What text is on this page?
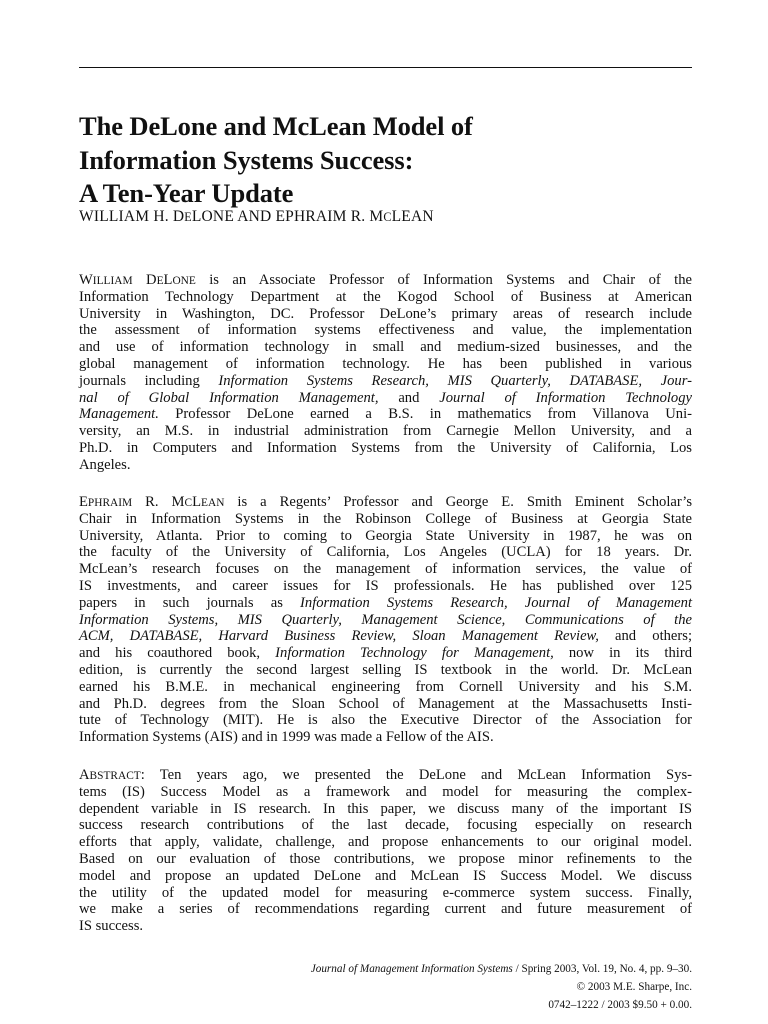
The DeLone and McLean Model of
Information Systems Success:
A Ten-Year Update

WILLIAM H. DELONE AND EPHRAIM R. MCLEAN

WILLIAM DELONE is an Associate Professor of Information Systems and Chair of the
Information Technology Department at the Kogod School of Business at American
University in Washington, DC. Professor DeLone’s primary areas of research include
the assessment of information systems effectiveness and value, the implementation
and use of information technology in small and medium-sized businesses, and the
global management of information technology. He has been published in various
journals including Information Systems Research, MIS Quarterly, DATABASE, Jour-
nal of Global Information Management, and Journal of Information Technology
Management. Professor DeLone earned a B.S. in mathematics from Villanova Uni-
versity, an M.S. in industrial administration from Carnegie Mellon University, and a
Ph.D. in Computers and Information Systems from the University of California, Los
Angeles.
EPHRAIM R. MCLEAN is a Regents’ Professor and George E. Smith Eminent Scholar’s
Chair in Information Systems in the Robinson College of Business at Georgia State
University, Atlanta. Prior to coming to Georgia State University in 1987, he was on
the faculty of the University of California, Los Angeles (UCLA) for 18 years. Dr.
McLean’s research focuses on the management of information services, the value of
IS investments, and career issues for IS professionals. He has published over 125
papers in such journals as Information Systems Research, Journal of Management
Information Systems, MIS Quarterly, Management Science, Communications of the
ACM, DATABASE, Harvard Business Review, Sloan Management Review, and others;
and his coauthored book, Information Technology for Management, now in its third
edition, is currently the second largest selling IS textbook in the world. Dr. McLean
earned his B.M.E. in mechanical engineering from Cornell University and his S.M.
and Ph.D. degrees from the Sloan School of Management at the Massachusetts Insti-
tute of Technology (MIT). He is also the Executive Director of the Association for
Information Systems (AIS) and in 1999 was made a Fellow of the AIS.
ABSTRACT: Ten years ago, we presented the DeLone and McLean Information Sys-
tems (IS) Success Model as a framework and model for measuring the complex-
dependent variable in IS research. In this paper, we discuss many of the important IS
success research contributions of the last decade, focusing especially on research
efforts that apply, validate, challenge, and propose enhancements to our original model.
Based on our evaluation of those contributions, we propose minor refinements to the
model and propose an updated DeLone and McLean IS Success Model. We discuss
the utility of the updated model for measuring e-commerce system success. Finally,
we make a series of recommendations regarding current and future measurement of
IS success.
Journal of Management Information Systems / Spring 2003, Vol. 19, No. 4, pp. 9–30.
© 2003 M.E. Sharpe, Inc.
0742–1222 / 2003 $9.50 + 0.00.
